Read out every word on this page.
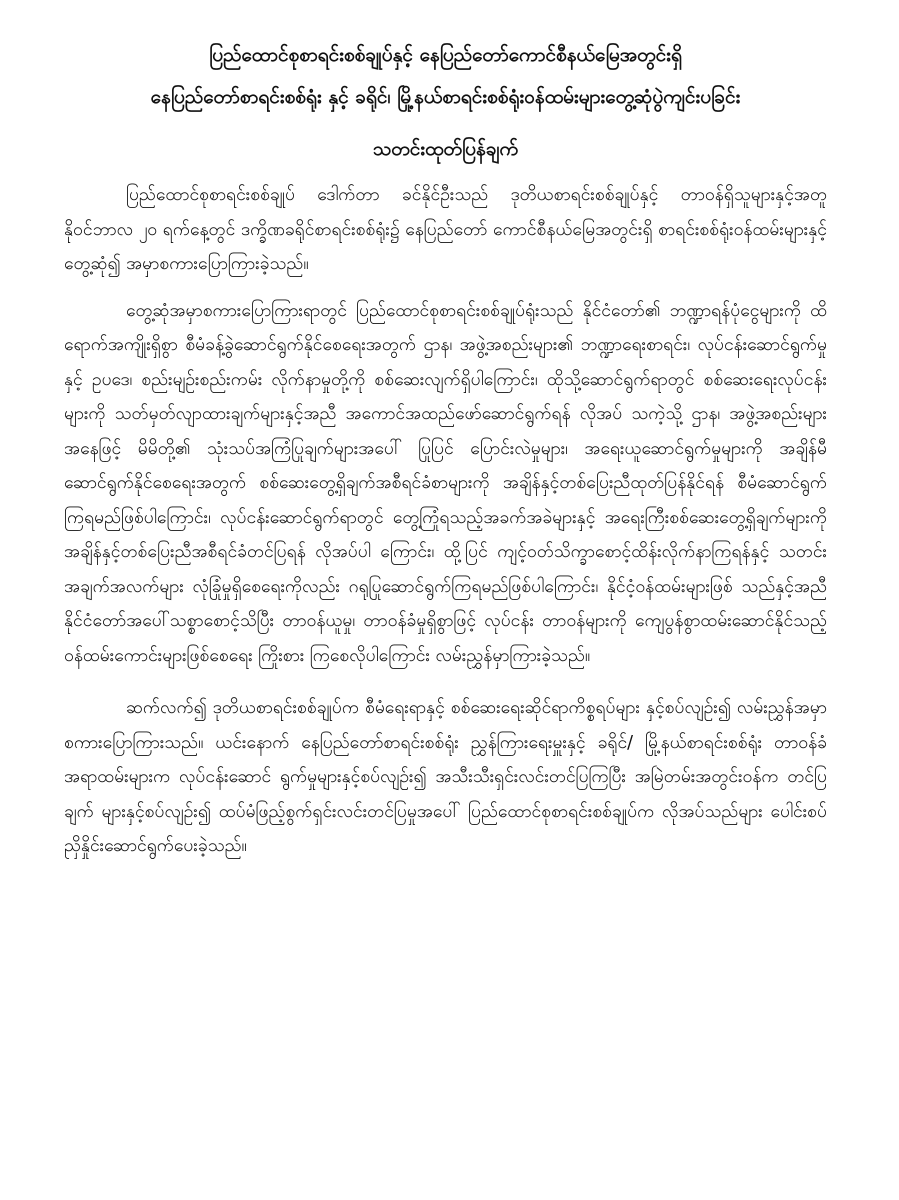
ပြည်ထောင်စုစာရင်းစစ်ချုပ်နှင့် နေပြည်တော်ကောင်စီနယ်မြေအတွင်းရှိ
နေပြည်တော်စာရင်းစစ်ရုံး နှင့် ခရိုင်၊ မြို့နယ်စာရင်းစစ်ရုံးဝန်ထမ်းများတွေ့ဆုံပွဲကျင်းပခြင်း
သတင်းထုတ်ပြန်ချက်

ပြည်ထောင်စုစာရင်းစစ်ချုပ် ဒေါက်တာ ခင်နိုင်ဦးသည် ဒုတိယစာရင်းစစ်ချုပ်နှင့် တာဝန်ရှိသူများနှင့်အတူ နိုဝင်ဘာလ ၂၀ ရက်နေ့တွင် ဒက္ခိဏခရိုင်စာရင်းစစ်ရုံး၌ နေပြည်တော် ကောင်စီနယ်မြေအတွင်းရှိ စာရင်းစစ်ရုံးဝန်ထမ်းများနှင့်တွေ့ဆုံ၍ အမှာစကားပြောကြားခဲ့သည်။

တွေ့ဆုံအမှာစကားပြောကြားရာတွင် ပြည်ထောင်စုစာရင်းစစ်ချုပ်ရုံးသည် နိုင်ငံတော်၏ ဘဏ္ဍာရန်ပုံငွေများကို ထိရောက်အကျိုးရှိစွာ စီမံခန့်ခွဲဆောင်ရွက်နိုင်စေရေးအတွက် ဌာန၊ အဖွဲ့အစည်းများ၏ ဘဏ္ဍာရေးစာရင်း၊ လုပ်ငန်းဆောင်ရွက်မှုနှင့် ဥပဒေ၊ စည်းမျဉ်းစည်းကမ်း လိုက်နာမှုတို့ကို စစ်ဆေးလျက်ရှိပါကြောင်း၊ ထိုသို့ဆောင်ရွက်ရာတွင် စစ်ဆေးရေးလုပ်ငန်း များကို သတ်မှတ်လျာထားချက်များနှင့်အညီ အကောင်အထည်ဖော်ဆောင်ရွက်ရန် လိုအပ် သကဲ့သို့ ဌာန၊ အဖွဲ့အစည်းများအနေဖြင့် မိမိတို့၏ သုံးသပ်အကြံပြုချက်များအပေါ် ပြုပြင် ပြောင်းလဲမှုများ၊ အရေးယူဆောင်ရွက်မှုများကို အချိန်မီဆောင်ရွက်နိုင်စေရေးအတွက် စစ်ဆေးတွေ့ရှိချက်အစီရင်ခံစာများကို အချိန်နှင့်တစ်ပြေးညီထုတ်ပြန်နိုင်ရန် စီမံဆောင်ရွက် ကြရမည်ဖြစ်ပါကြောင်း၊ လုပ်ငန်းဆောင်ရွက်ရာတွင် တွေ့ကြုံရသည့်အခက်အခဲများနှင့် အရေးကြီးစစ်ဆေးတွေ့ရှိချက်များကို အချိန်နှင့်တစ်ပြေးညီအစီရင်ခံတင်ပြရန် လိုအပ်ပါ ကြောင်း၊ ထို့ပြင် ကျင့်ဝတ်သိက္ခာစောင့်ထိန်းလိုက်နာကြရန်နှင့် သတင်းအချက်အလက်များ လုံခြုံမှုရှိစေရေးကိုလည်း ဂရုပြုဆောင်ရွက်ကြရမည်ဖြစ်ပါကြောင်း၊ နိုင်ငံ့ဝန်ထမ်းများဖြစ် သည်နှင့်အညီ နိုင်ငံတော်အပေါ်သစ္စာစောင့်သိပြီး တာဝန်ယူမှု၊ တာဝန်ခံမှုရှိစွာဖြင့် လုပ်ငန်း တာဝန်များကို ကျေပွန်စွာထမ်းဆောင်နိုင်သည့် ဝန်ထမ်းကောင်းများဖြစ်စေရေး ကြိုးစား ကြစေလိုပါကြောင်း လမ်းညွှန်မှာကြားခဲ့သည်။

ဆက်လက်၍ ဒုတိယစာရင်းစစ်ချုပ်က စီမံရေးရာနှင့် စစ်ဆေးရေးဆိုင်ရာကိစ္စရပ်များ နှင့်စပ်လျဉ်း၍ လမ်းညွှန်အမှာစကားပြောကြားသည်။ ယင်းနောက် နေပြည်တော်စာရင်းစစ်ရုံး ညွှန်ကြားရေးမှူးနှင့် ခရိုင်/ မြို့နယ်စာရင်းစစ်ရုံး တာဝန်ခံအရာထမ်းများက လုပ်ငန်းဆောင် ရွက်မှုများနှင့်စပ်လျဉ်း၍ အသီးသီးရှင်းလင်းတင်ပြကြပြီး အမြဲတမ်းအတွင်းဝန်က တင်ပြချက် များနှင့်စပ်လျဉ်း၍ ထပ်မံဖြည့်စွက်ရှင်းလင်းတင်ပြမှုအပေါ် ပြည်ထောင်စုစာရင်းစစ်ချုပ်က လိုအပ်သည်များ ပေါင်းစပ်ညှိနှိုင်းဆောင်ရွက်ပေးခဲ့သည်။
